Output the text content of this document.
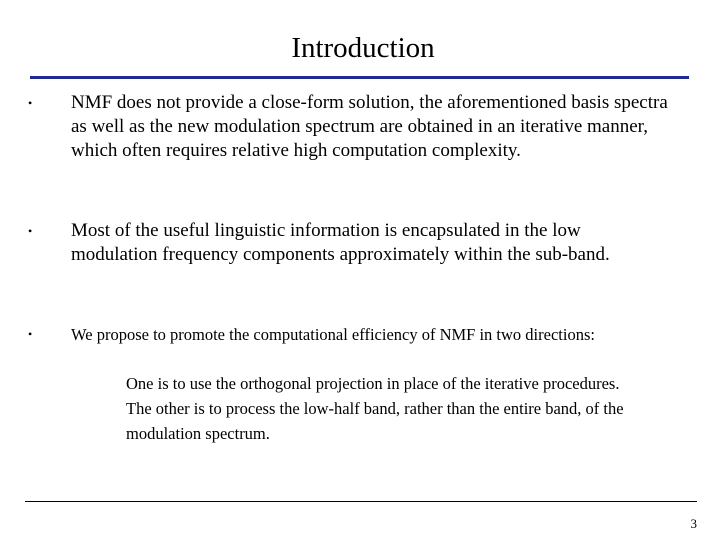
Introduction
• NMF does not provide a close-form solution, the aforementioned basis spectra as well as the new modulation spectrum are obtained in an iterative manner, which often requires relative high computation complexity.

• Most of the useful linguistic information is encapsulated in the low modulation frequency components approximately within the sub-band.

• We propose to promote the computational efficiency of NMF in two directions:

One is to use the orthogonal projection in place of the iterative procedures.

The other is to process the low-half band, rather than the entire band, of the modulation spectrum.

3
